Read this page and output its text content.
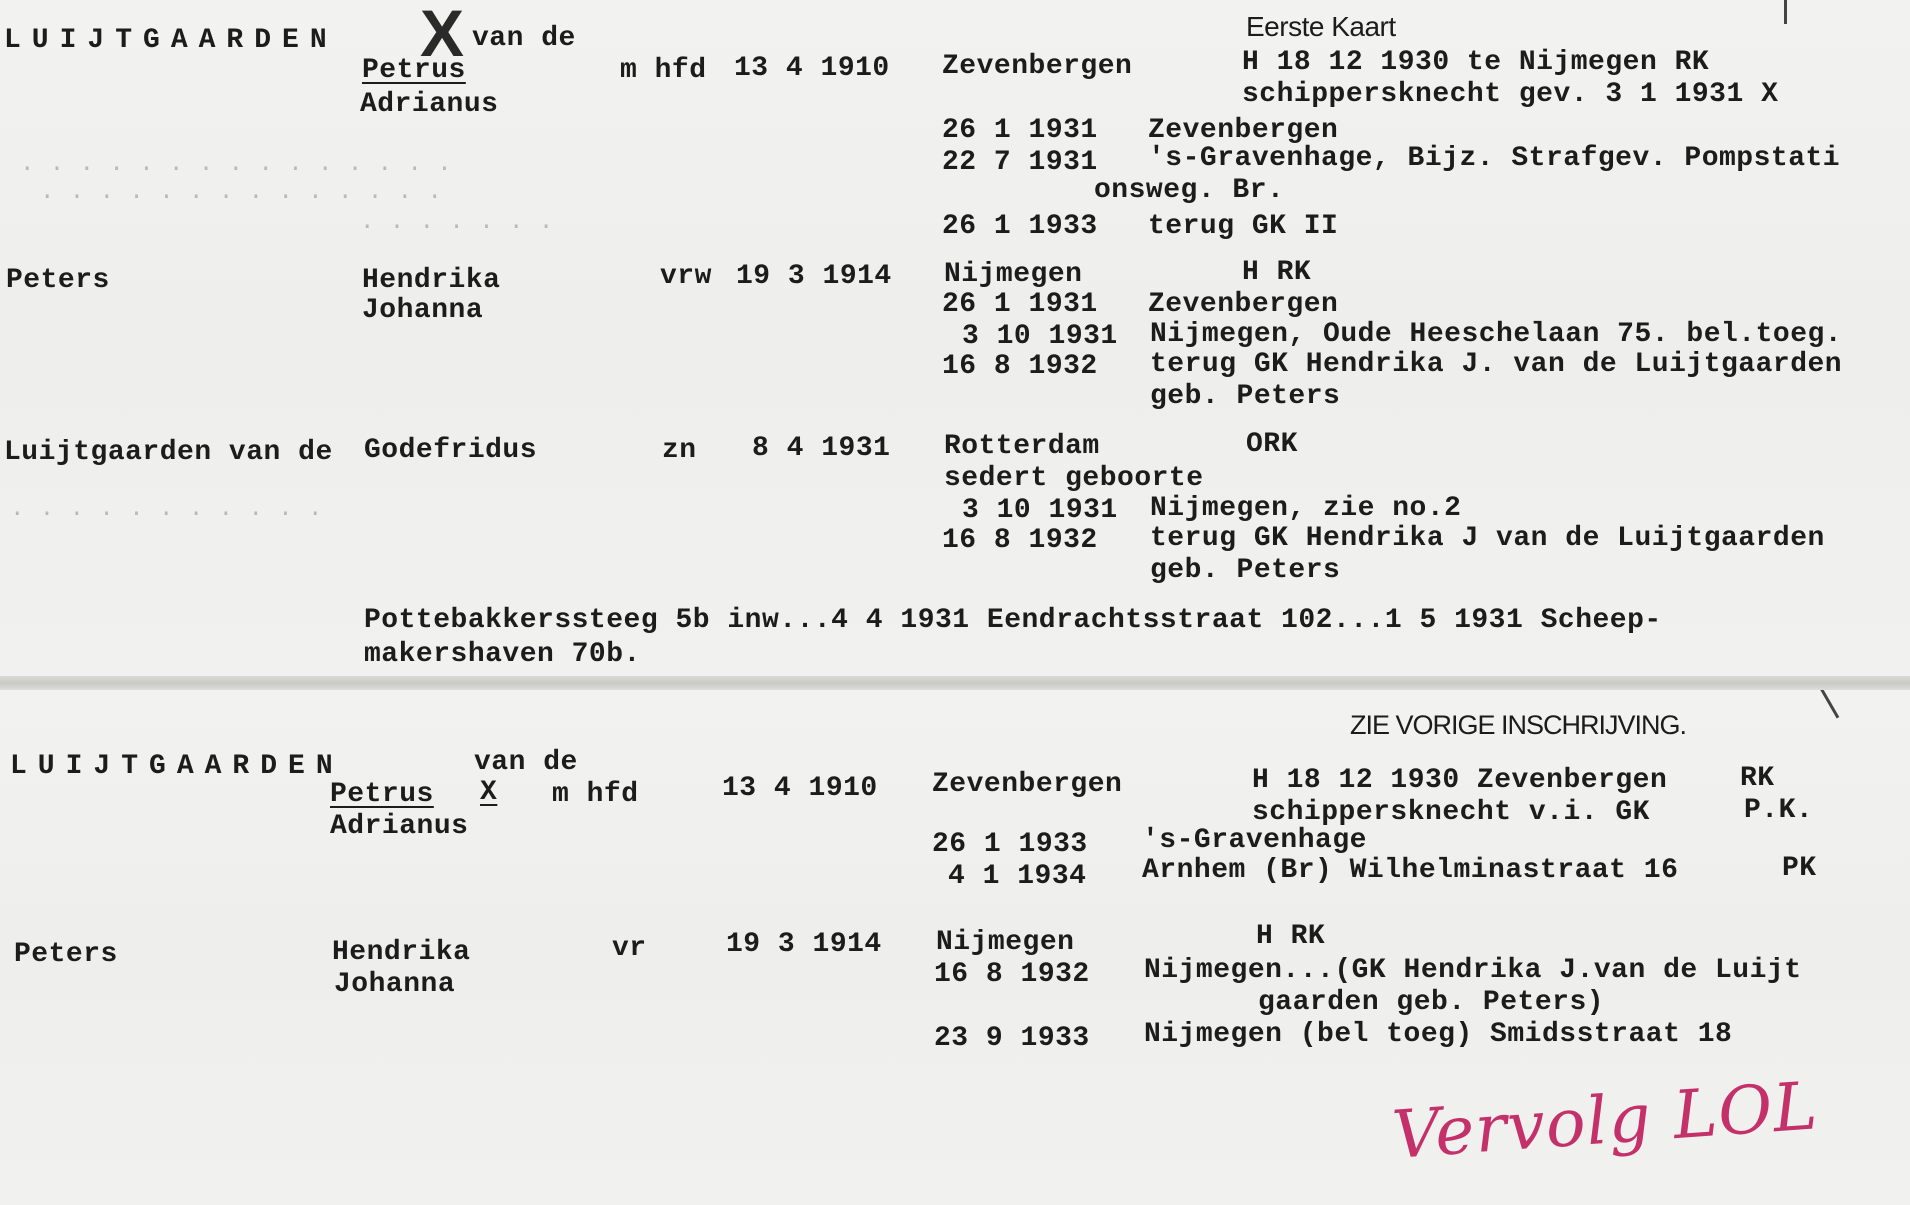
. . . . . . . . . . . . . . .
. . . . . . . . . . . . . .
. . . . . . .
. . . . . . . . . . .
Eerste Kaart
LUIJTGAARDEN X van de
Petrus
Adrianus
m hfd 13 4 1910 Zevenbergen	H 18 12 1930 te Nijmegen RK
schippersknecht gev. 3 1 1931 X
26 1 1931 Zevenbergen
22 7 1931 's-Gravenhage, Bijz. Strafgev. Pompstati
onsweg. Br.
26 1 1933 terug GK II
Peters	Hendrika
Johanna
vrw 19 3 1914 Nijmegen	H RK
26 1 1931 Zevenbergen
3 10 1931 Nijmegen, Oude Heeschelaan 75. bel.toeg.
16 8 1932 terug GK Hendrika J. van de Luijtgaarden
geb. Peters
Luijtgaarden van de Godefridus	zn 8 4 1931 Rotterdam	ORK
sedert geboorte
3 10 1931 Nijmegen, zie no.2
16 8 1932 terug GK Hendrika J van de Luijtgaarden
geb. Peters
Pottebakkerssteeg 5b inw...4 4 1931 Eendrachtsstraat 102...1 5 1931 Scheep-
makershaven 70b.
ZIE VORIGE INSCHRIJVING.
LUIJTGAARDEN	van de
Petrus X
Adrianus
m hfd	13 4 1910 Zevenbergen	H 18 12 1930 Zevenbergen	RK
schippersknecht v.i. GK	P.K.
26 1 1933 's-Gravenhage
4 1 1934 Arnhem (Br) Wilhelminastraat 16	PK
Peters	Hendrika
Johanna
vr	19 3 1914 Nijmegen	H RK
16 8 1932 Nijmegen...(GK Hendrika J.van de Luijt
gaarden geb. Peters)
23 9 1933 Nijmegen (bel toeg) Smidsstraat 18
Vervolg LOL
